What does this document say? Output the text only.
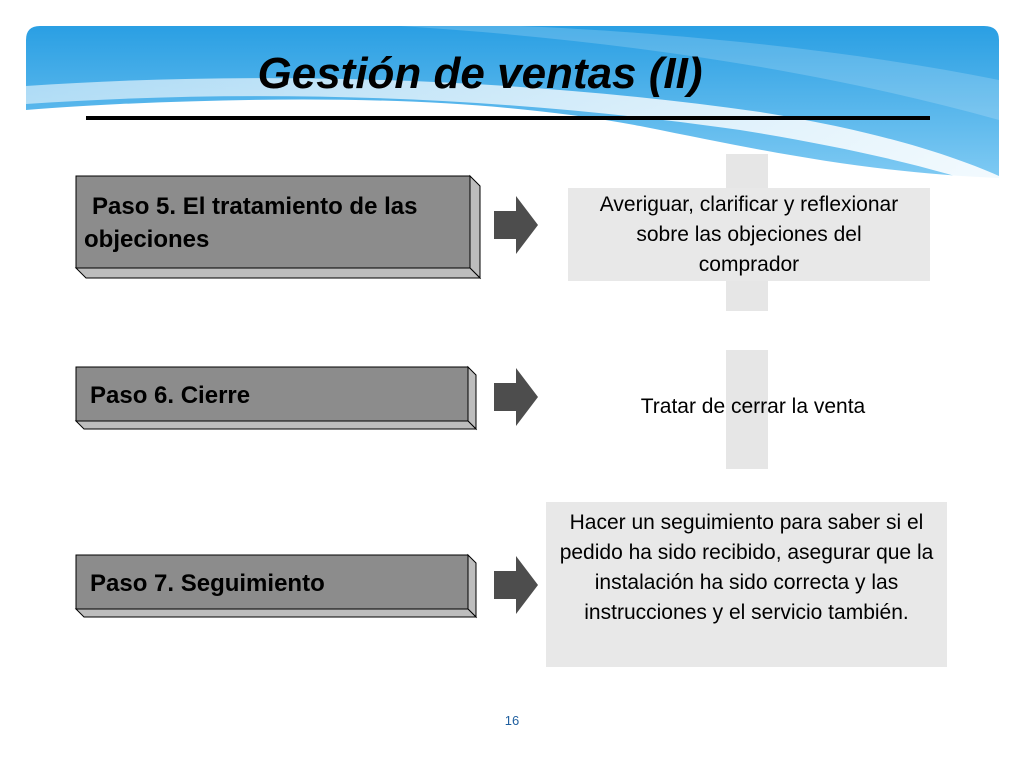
Gestión de ventas (II)

Paso 5. El tratamiento de las objeciones

Paso 6. Cierre

Paso 7. Seguimiento

Averiguar, clarificar y reflexionar sobre las objeciones del comprador

Tratar de cerrar la venta

Hacer un seguimiento para saber si el pedido ha sido recibido, asegurar que la instalación ha sido correcta y las instrucciones y el servicio también.

16
